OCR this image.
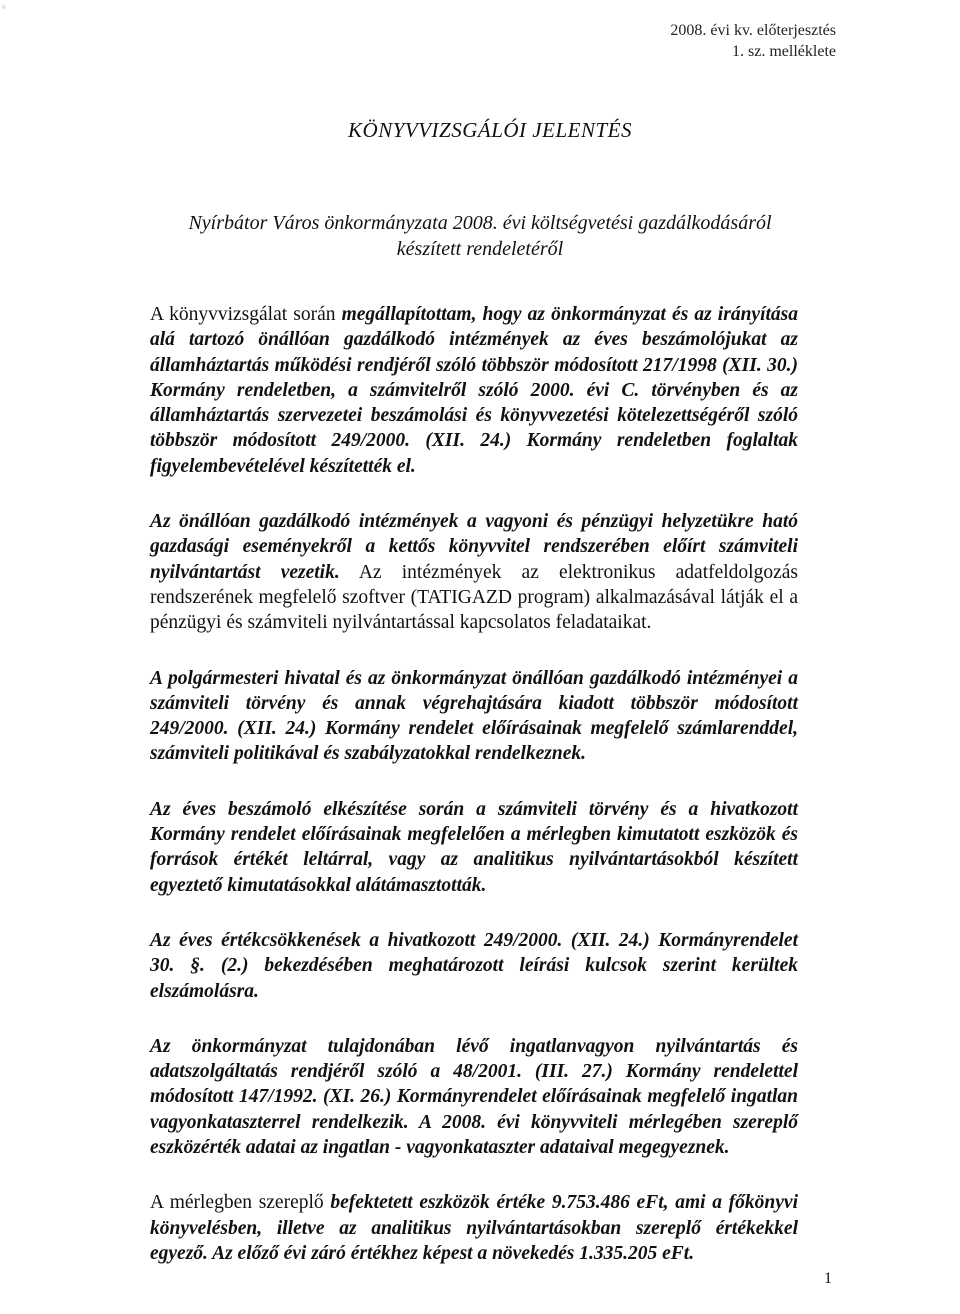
°
2008. évi kv. előterjesztés
1. sz. melléklete
KÖNYVVIZSGÁLÓI JELENTÉS
Nyírbátor Város önkormányzata 2008. évi költségvetési gazdálkodásáról
készített rendeletéről

A könyvvizsgálat során megállapítottam, hogy az önkormányzat és az irányítása alá tartozó önállóan gazdálkodó intézmények az éves beszámolójukat az államháztartás működési rendjéről szóló többször módosított 217/1998 (XII. 30.) Kormány rendeletben, a számvitelről szóló 2000. évi C. törvényben és az államháztartás szervezetei beszámolási és könyvvezetési kötelezettségéről szóló többször módosított 249/2000. (XII. 24.) Kormány rendeletben foglaltak figyelembevételével készítették el.

Az önállóan gazdálkodó intézmények a vagyoni és pénzügyi helyzetükre ható gazdasági eseményekről a kettős könyvvitel rendszerében előírt számviteli nyilvántartást vezetik. Az intézmények az elektronikus adatfeldolgozás rendszerének megfelelő szoftver (TATIGAZD program) alkalmazásával látják el a pénzügyi és számviteli nyilvántartással kapcsolatos feladataikat.

A polgármesteri hivatal és az önkormányzat önállóan gazdálkodó intézményei a számviteli törvény és annak végrehajtására kiadott többször módosított 249/2000. (XII. 24.) Kormány rendelet előírásainak megfelelő számlarenddel, számviteli politikával és szabályzatokkal rendelkeznek.

Az éves beszámoló elkészítése során a számviteli törvény és a hivatkozott Kormány rendelet előírásainak megfelelően a mérlegben kimutatott eszközök és források értékét leltárral, vagy az analitikus nyilvántartásokból készített egyeztető kimutatásokkal alátámasztották.

Az éves értékcsökkenések a hivatkozott 249/2000. (XII. 24.) Kormányrendelet 30. §. (2.) bekezdésében meghatározott leírási kulcsok szerint kerültek elszámolásra.

Az önkormányzat tulajdonában lévő ingatlanvagyon nyilvántartás és adatszolgáltatás rendjéről szóló a 48/2001. (III. 27.) Kormány rendelettel módosított 147/1992. (XI. 26.) Kormányrendelet előírásainak megfelelő ingatlan vagyonkataszterrel rendelkezik. A 2008. évi könyvviteli mérlegében szereplő eszközérték adatai az ingatlan - vagyonkataszter adataival megegyeznek.

A mérlegben szereplő befektetett eszközök értéke 9.753.486 eFt, ami a főkönyvi könyvelésben, illetve az analitikus nyilvántartásokban szereplő értékekkel egyező. Az előző évi záró értékhez képest a növekedés 1.335.205 eFt.

1
